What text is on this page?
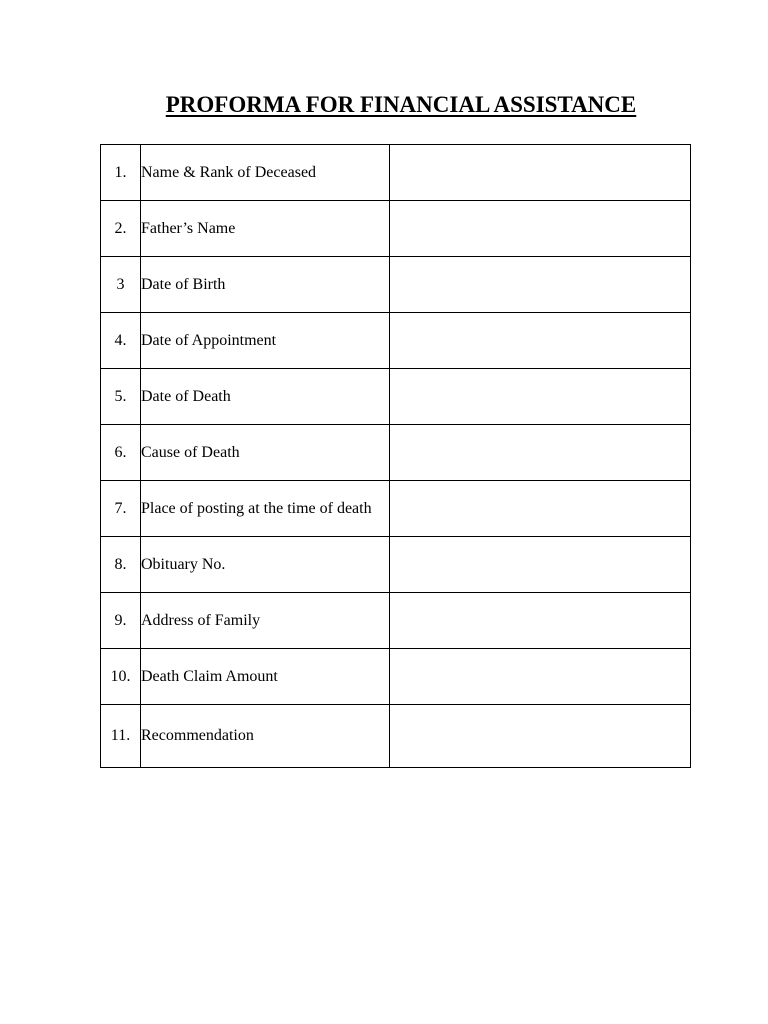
PROFORMA FOR FINANCIAL ASSISTANCE
1.	Name & Rank of Deceased	
2.	Father’s Name	
3	Date of Birth	
4.	Date of Appointment	
5.	Date of Death	
6.	Cause of Death	
7.	Place of posting at the time of death	
8.	Obituary No.	
9.	Address of Family	
10.	Death Claim Amount	
11.	Recommendation	
